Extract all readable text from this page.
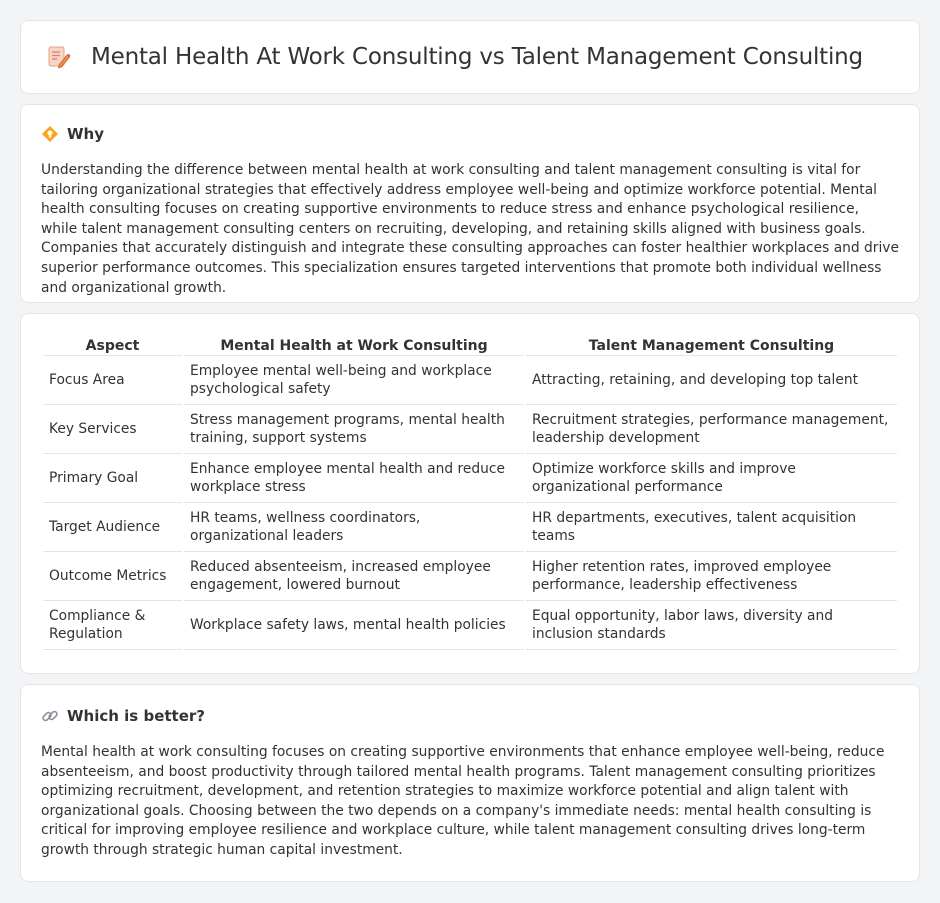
Mental Health At Work Consulting vs Talent Management Consulting
Why

Understanding the difference between mental health at work consulting and talent management consulting is vital for tailoring organizational strategies that effectively address employee well-being and optimize workforce potential. Mental health consulting focuses on creating supportive environments to reduce stress and enhance psychological resilience, while talent management consulting centers on recruiting, developing, and retaining skills aligned with business goals. Companies that accurately distinguish and integrate these consulting approaches can foster healthier workplaces and drive superior performance outcomes. This specialization ensures targeted interventions that promote both individual wellness and organizational growth.

Aspect	Mental Health at Work Consulting	Talent Management Consulting
Focus Area	Employee mental well-being and workplace psychological safety	Attracting, retaining, and developing top talent
Key Services	Stress management programs, mental health training, support systems	Recruitment strategies, performance management, leadership development
Primary Goal	Enhance employee mental health and reduce workplace stress	Optimize workforce skills and improve organizational performance
Target Audience	HR teams, wellness coordinators, organizational leaders	HR departments, executives, talent acquisition teams
Outcome Metrics	Reduced absenteeism, increased employee engagement, lowered burnout	Higher retention rates, improved employee performance, leadership effectiveness
Compliance & Regulation	Workplace safety laws, mental health policies	Equal opportunity, labor laws, diversity and inclusion standards
Which is better?

Mental health at work consulting focuses on creating supportive environments that enhance employee well-being, reduce absenteeism, and boost productivity through tailored mental health programs. Talent management consulting prioritizes optimizing recruitment, development, and retention strategies to maximize workforce potential and align talent with organizational goals. Choosing between the two depends on a company's immediate needs: mental health consulting is critical for improving employee resilience and workplace culture, while talent management consulting drives long-term growth through strategic human capital investment.
